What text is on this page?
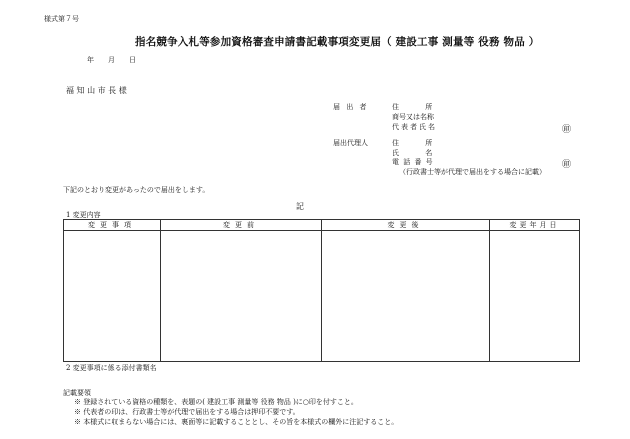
様式第７号
指名競争入札等参加資格審査申請書記載事項変更届（ 建設工事 測量等 役務 物品 ）
年 月 日
福 知 山 市 長 様
届 出 者	住 所
商号又は名称
代表者氏名	㊞
届出代理人	住 所
氏 名
電 話 番 号	㊞
（行政書士等が代理で届出をする場合に記載）
下記のとおり変更があったので届出をします。
記
1 変更内容
変更事項	変更前	変更後	変更年月日

2 変更事項に係る添付書類名
記載要領
※ 登録されている資格の種類を、表題の( 建設工事 測量等 役務 物品 )に○印を付すこと。
※ 代表者の印は、行政書士等が代理で届出をする場合は押印不要です。
※ 本様式に収まらない場合には、裏面等に記載することとし、その旨を本様式の欄外に注記すること。
